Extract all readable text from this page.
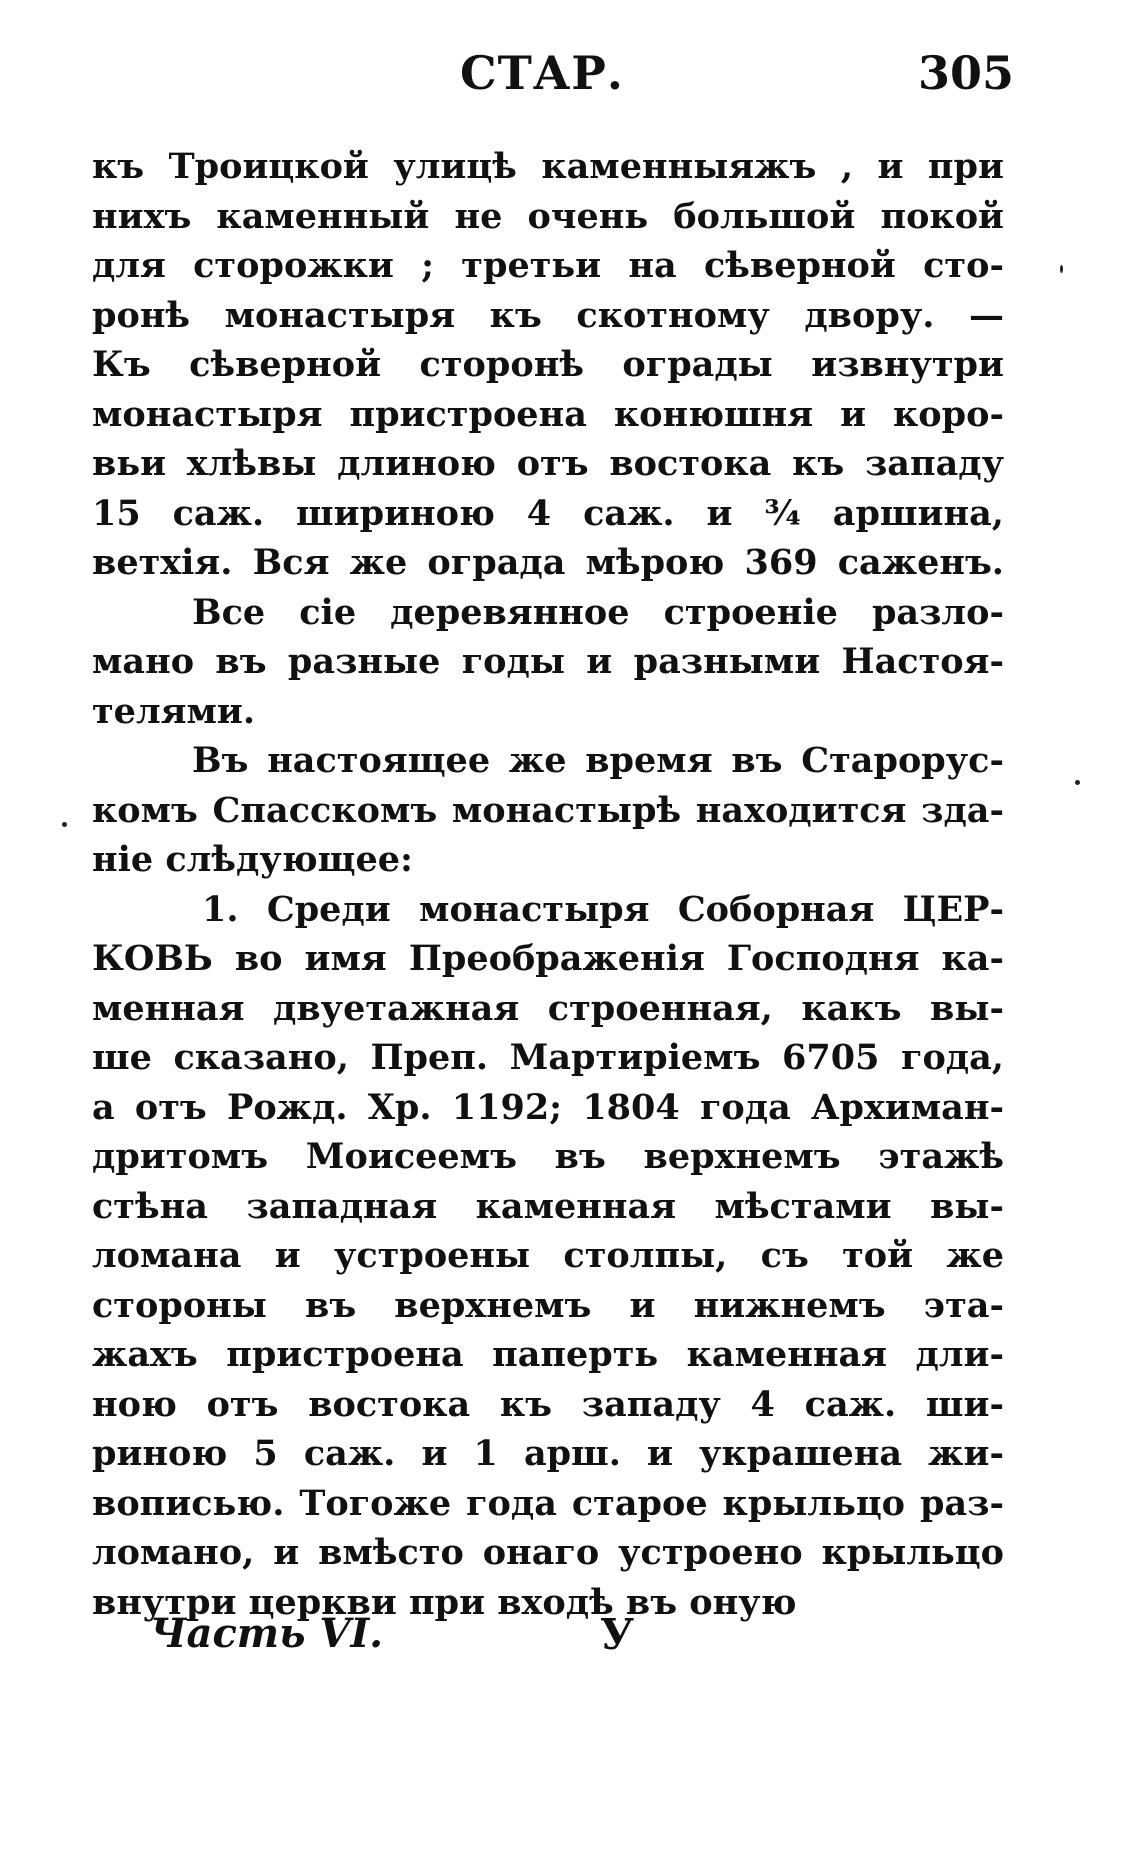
СТАР.	305
къ Троицкой улицѣ каменныяжъ , и при
нихъ каменный не очень большой покой
для сторожки ; третьи на сѣверной сто-
ронѣ монастыря къ скотному двору. —
Къ сѣверной сторонѣ ограды извнутри
монастыря пристроена конюшня и коро-
вьи хлѣвы длиною отъ востока къ западу
15 саж. шириною 4 саж. и ¾ аршина,
ветхія. Вся же ограда мѣрою 369 саженъ.
Все сіе деревянное строеніе разло-
мано въ разные годы и разными Настоя-
телями.
Въ настоящее же время въ Старорус-
комъ Спасскомъ монастырѣ находится зда-
ніе слѣдующее:
1. Среди монастыря Соборная ЦЕР-
КОВЬ во имя Преображенія Господня ка-
менная двуетажная строенная, какъ вы-
ше сказано, Преп. Мартиріемъ 6705 года,
а отъ Рожд. Хр. 1192; 1804 года Архиман-
дритомъ Моисеемъ въ верхнемъ этажѣ
стѣна западная каменная мѣстами вы-
ломана и устроены столпы, съ той же
стороны въ верхнемъ и нижнемъ эта-
жахъ пристроена паперть каменная дли-
ною отъ востока къ западу 4 саж. ши-
риною 5 саж. и 1 арш. и украшена жи-
вописью. Тогоже года старое крыльцо раз-
ломано, и вмѣсто онаго устроено крыльцо
внутри церкви при входѣ въ оную
Часть VI.	У
